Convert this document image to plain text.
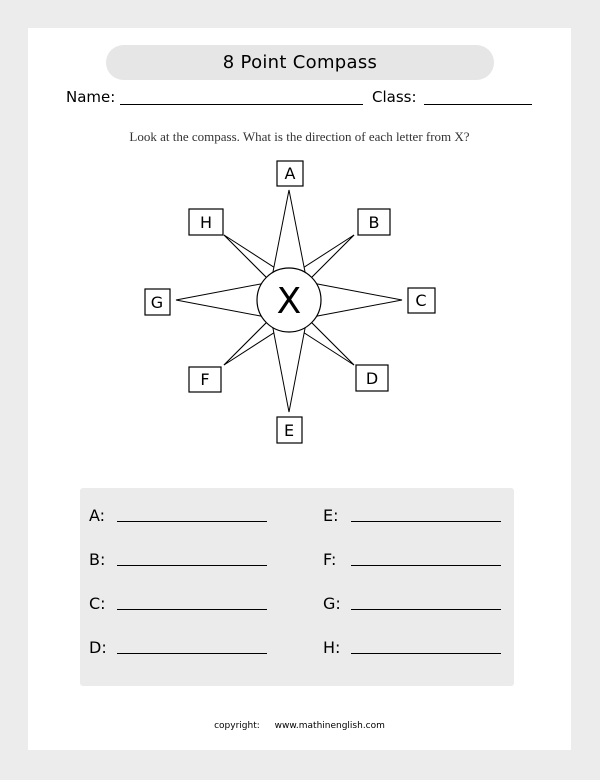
8 Point Compass
Name:	Class:
Look at the compass. What is the direction of each letter from X?
X
A
B
C
D
E
F
G
H
A:
B:
C:
D:
E:
F:
G:
H:
copyright: www.mathinenglish.com
